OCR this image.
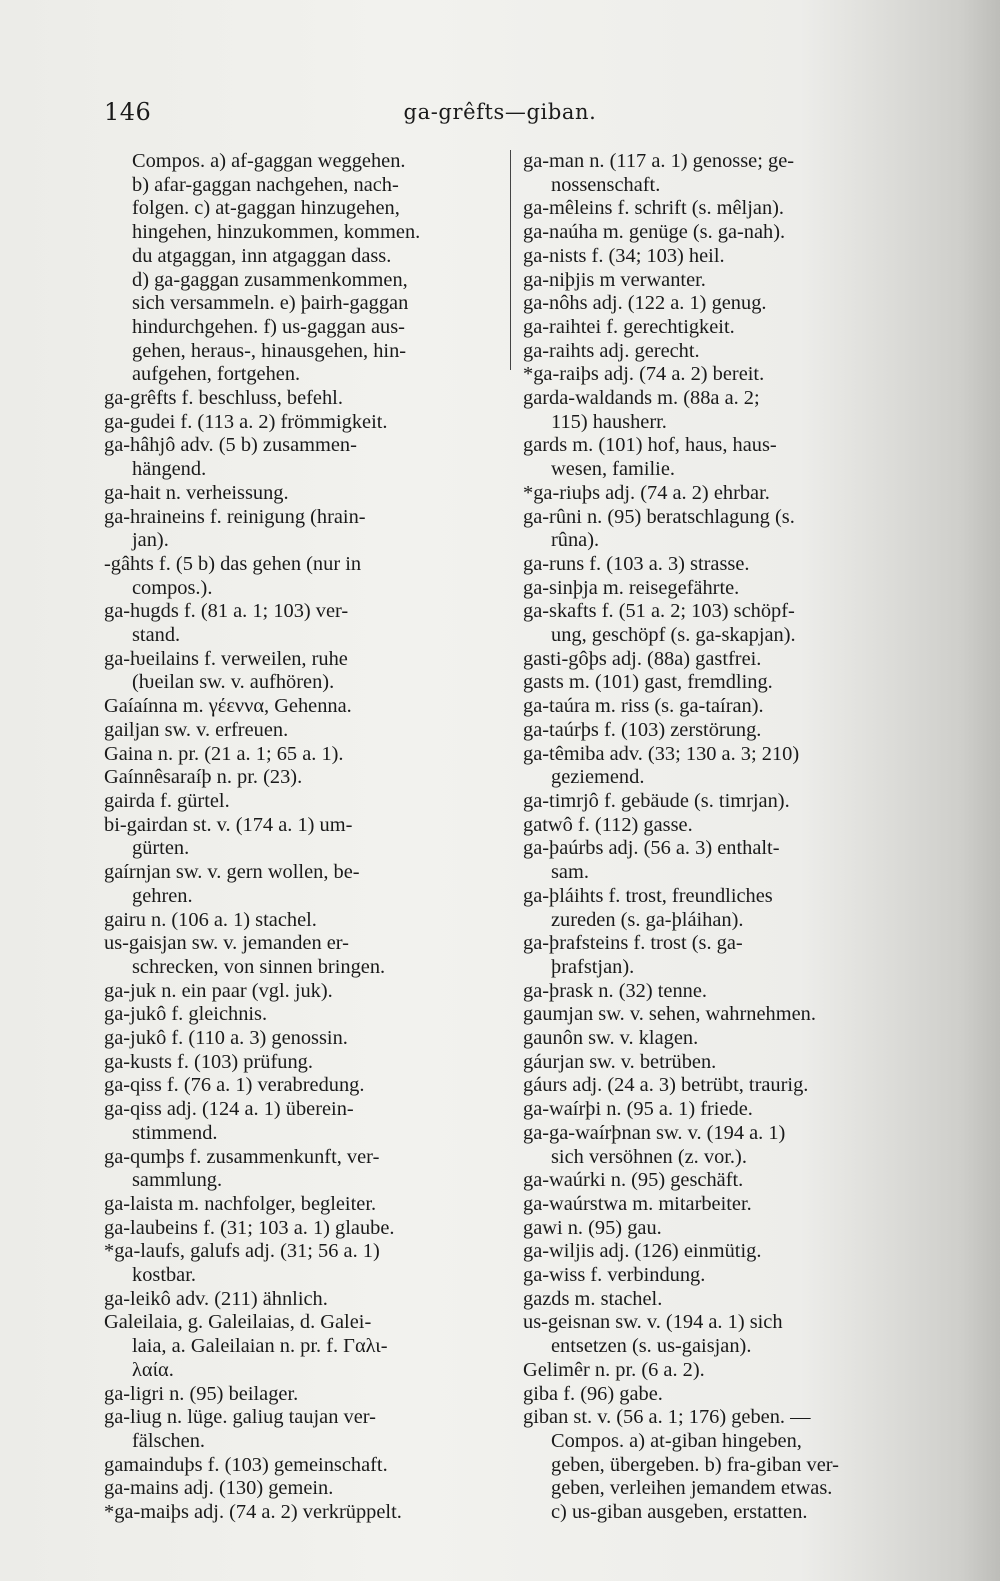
146	ga-grêfts—giban.
Compos. a) af-gaggan weggehen.
b) afar-gaggan nachgehen, nach-
folgen. c) at-gaggan hinzugehen,
hingehen, hinzukommen, kommen.
du atgaggan, inn atgaggan dass.
d) ga-gaggan zusammenkommen,
sich versammeln. e) þairh-gaggan
hindurchgehen. f) us-gaggan aus-
gehen, heraus-, hinausgehen, hin-
aufgehen, fortgehen.
ga-grêfts f. beschluss, befehl.
ga-gudei f. (113 a. 2) frömmigkeit.
ga-hâhjô adv. (5 b) zusammen-
hängend.
ga-hait n. verheissung.
ga-hraineins f. reinigung (hrain-
jan).
-gâhts f. (5 b) das gehen (nur in
compos.).
ga-hugds f. (81 a. 1; 103) ver-
stand.
ga-ƕeilains f. verweilen, ruhe
(ƕeilan sw. v. aufhören).
Gaíaínna m. γέεννα, Gehenna.
gailjan sw. v. erfreuen.
Gaina n. pr. (21 a. 1; 65 a. 1).
Gaínnêsaraíþ n. pr. (23).
gairda f. gürtel.
bi-gairdan st. v. (174 a. 1) um-
gürten.
gaírnjan sw. v. gern wollen, be-
gehren.
gairu n. (106 a. 1) stachel.
us-gaisjan sw. v. jemanden er-
schrecken, von sinnen bringen.
ga-juk n. ein paar (vgl. juk).
ga-jukô f. gleichnis.
ga-jukô f. (110 a. 3) genossin.
ga-kusts f. (103) prüfung.
ga-qiss f. (76 a. 1) verabredung.
ga-qiss adj. (124 a. 1) überein-
stimmend.
ga-qumþs f. zusammenkunft, ver-
sammlung.
ga-laista m. nachfolger, begleiter.
ga-laubeins f. (31; 103 a. 1) glaube.
*ga-laufs, galufs adj. (31; 56 a. 1)
kostbar.
ga-leikô adv. (211) ähnlich.
Galeilaia, g. Galeilaias, d. Galei-
laia, a. Galeilaian n. pr. f. Γαλι-
λαία.
ga-ligri n. (95) beilager.
ga-liug n. lüge. galiug taujan ver-
fälschen.
gamainduþs f. (103) gemeinschaft.
ga-mains adj. (130) gemein.
*ga-maiþs adj. (74 a. 2) verkrüppelt.
ga-man n. (117 a. 1) genosse; ge-
nossenschaft.
ga-mêleins f. schrift (s. mêljan).
ga-naúha m. genüge (s. ga-nah).
ga-nists f. (34; 103) heil.
ga-niþjis m verwanter.
ga-nôhs adj. (122 a. 1) genug.
ga-raihtei f. gerechtigkeit.
ga-raihts adj. gerecht.
*ga-raiþs adj. (74 a. 2) bereit.
garda-waldands m. (88a a. 2;
115) hausherr.
gards m. (101) hof, haus, haus-
wesen, familie.
*ga-riuþs adj. (74 a. 2) ehrbar.
ga-rûni n. (95) beratschlagung (s.
rûna).
ga-runs f. (103 a. 3) strasse.
ga-sinþja m. reisegefährte.
ga-skafts f. (51 a. 2; 103) schöpf-
ung, geschöpf (s. ga-skapjan).
gasti-gôþs adj. (88a) gastfrei.
gasts m. (101) gast, fremdling.
ga-taúra m. riss (s. ga-taíran).
ga-taúrþs f. (103) zerstörung.
ga-têmiba adv. (33; 130 a. 3; 210)
geziemend.
ga-timrjô f. gebäude (s. timrjan).
gatwô f. (112) gasse.
ga-þaúrbs adj. (56 a. 3) enthalt-
sam.
ga-þláihts f. trost, freundliches
zureden (s. ga-þláihan).
ga-þrafsteins f. trost (s. ga-
þrafstjan).
ga-þrask n. (32) tenne.
gaumjan sw. v. sehen, wahrnehmen.
gaunôn sw. v. klagen.
gáurjan sw. v. betrüben.
gáurs adj. (24 a. 3) betrübt, traurig.
ga-waírþi n. (95 a. 1) friede.
ga-ga-waírþnan sw. v. (194 a. 1)
sich versöhnen (z. vor.).
ga-waúrki n. (95) geschäft.
ga-waúrstwa m. mitarbeiter.
gawi n. (95) gau.
ga-wiljis adj. (126) einmütig.
ga-wiss f. verbindung.
gazds m. stachel.
us-geisnan sw. v. (194 a. 1) sich
entsetzen (s. us-gaisjan).
Gelimêr n. pr. (6 a. 2).
giba f. (96) gabe.
giban st. v. (56 a. 1; 176) geben. —
Compos. a) at-giban hingeben,
geben, übergeben. b) fra-giban ver-
geben, verleihen jemandem etwas.
c) us-giban ausgeben, erstatten.
